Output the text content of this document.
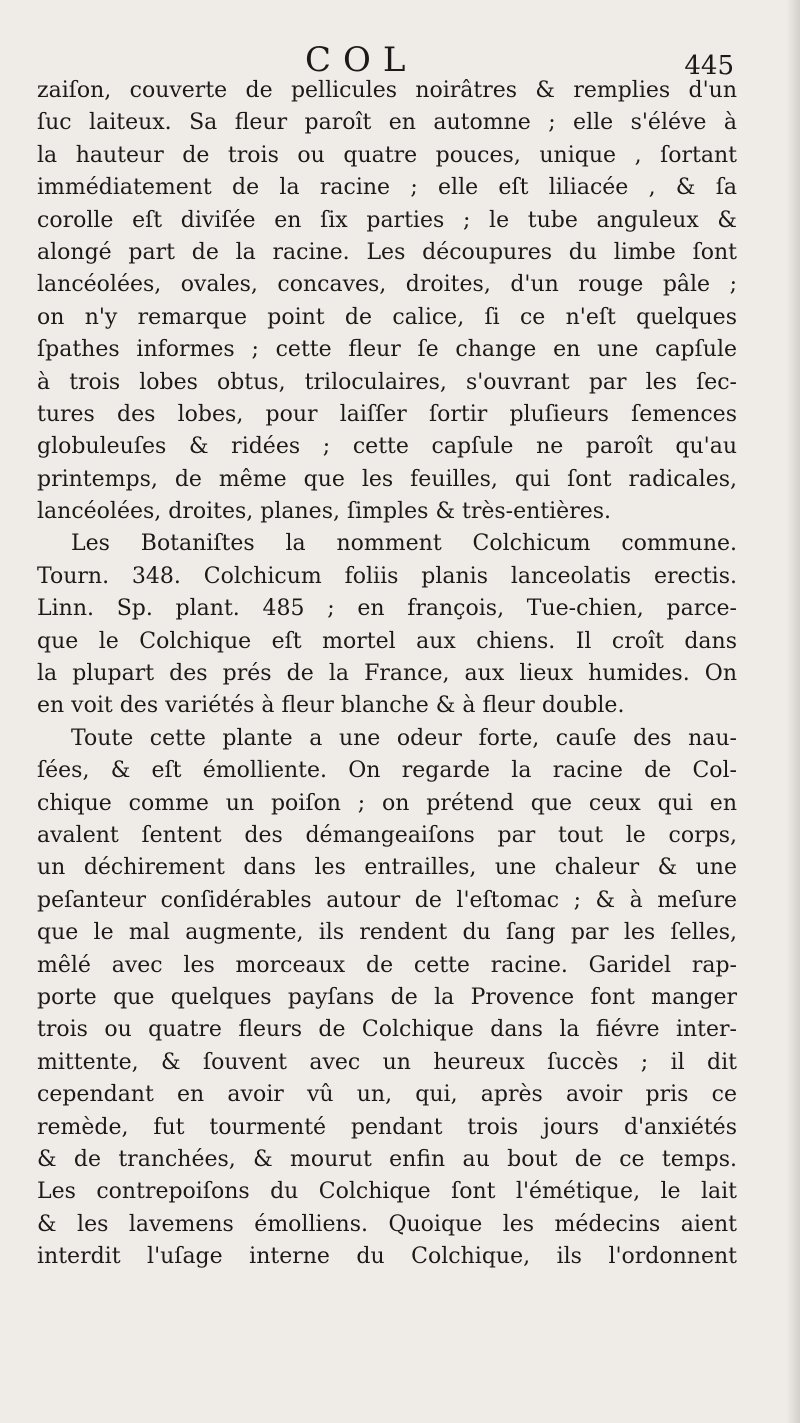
COL	445
zaiſon, couverte de pellicules noirâtres & remplies d'un
ſuc laiteux. Sa fleur paroît en automne ; elle s'éléve à
la hauteur de trois ou quatre pouces, unique , ſortant
immédiatement de la racine ; elle eſt liliacée , & ſa
corolle eſt diviſée en ſix parties ; le tube anguleux &
alongé part de la racine. Les découpures du limbe ſont
lancéolées, ovales, concaves, droites, d'un rouge pâle ;
on n'y remarque point de calice, ſi ce n'eſt quelques
ſpathes informes ; cette fleur ſe change en une capſule
à trois lobes obtus, triloculaires, s'ouvrant par les ſec-
tures des lobes, pour laiſſer ſortir pluſieurs ſemences
globuleuſes & ridées ; cette capſule ne paroît qu'au
printemps, de même que les feuilles, qui ſont radicales,
lancéolées, droites, planes, ſimples & très-entières.
Les Botaniſtes la nomment Colchicum commune.
Tourn. 348. Colchicum foliis planis lanceolatis erectis.
Linn. Sp. plant. 485 ; en françois, Tue-chien, parce-
que le Colchique eſt mortel aux chiens. Il croît dans
la plupart des prés de la France, aux lieux humides. On
en voit des variétés à fleur blanche & à fleur double.
Toute cette plante a une odeur forte, cauſe des nau-
ſées, & eſt émolliente. On regarde la racine de Col-
chique comme un poiſon ; on prétend que ceux qui en
avalent ſentent des démangeaiſons par tout le corps,
un déchirement dans les entrailles, une chaleur & une
peſanteur conſidérables autour de l'eſtomac ; & à meſure
que le mal augmente, ils rendent du ſang par les ſelles,
mêlé avec les morceaux de cette racine. Garidel rap-
porte que quelques payſans de la Provence font manger
trois ou quatre fleurs de Colchique dans la fiévre inter-
mittente, & ſouvent avec un heureux ſuccès ; il dit
cependant en avoir vû un, qui, après avoir pris ce
remède, fut tourmenté pendant trois jours d'anxiétés
& de tranchées, & mourut enfin au bout de ce temps.
Les contrepoiſons du Colchique ſont l'émétique, le lait
& les lavemens émolliens. Quoique les médecins aient
interdit l'uſage interne du Colchique, ils l'ordonnent
